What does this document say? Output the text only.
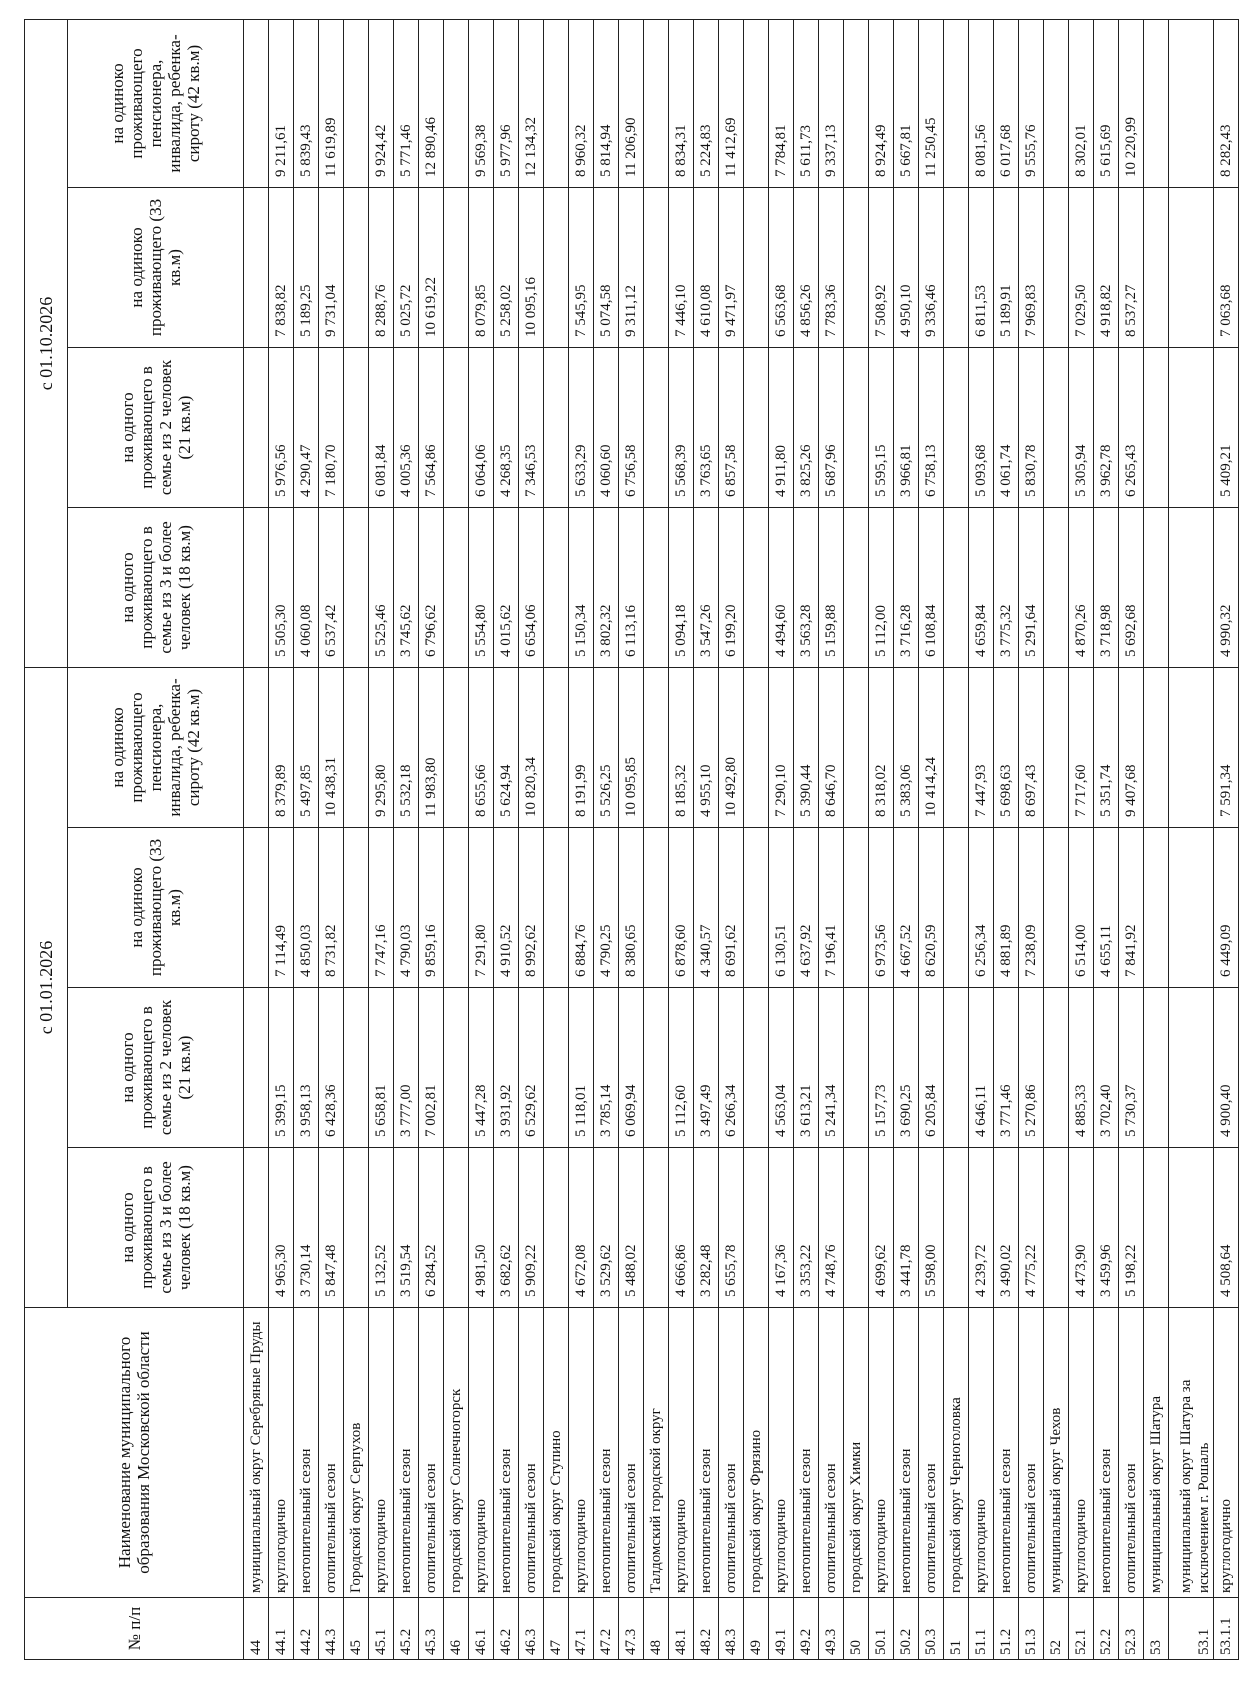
№ п/п	Наименование муниципального образования Московской области	с 01.01.2026				с 01.10.2026			
		на одного проживающего в семье из 3 и более человек (18 кв.м)	на одного проживающего в семье из 2 человек (21 кв.м)	на одиноко проживающего (33 кв.м)	на одиноко проживающего пенсионера, инвалида, ребенка-сироту (42 кв.м)	на одного проживающего в семье из 3 и более человек (18 кв.м)	на одного проживающего в семье из 2 человек (21 кв.м)	на одиноко проживающего (33 кв.м)	на одиноко проживающего пенсионера, инвалида, ребенка-сироту (42 кв.м)
44	муниципальный округ Серебряные Пруды								
44.1	круглогодично	4 965,30	5 399,15	7 114,49	8 379,89	5 505,30	5 976,56	7 838,82	9 211,61
44.2	неотопительный сезон	3 730,14	3 958,13	4 850,03	5 497,85	4 060,08	4 290,47	5 189,25	5 839,43
44.3	отопительный сезон	5 847,48	6 428,36	8 731,82	10 438,31	6 537,42	7 180,70	9 731,04	11 619,89
45	Городской округ Серпухов								
45.1	круглогодично	5 132,52	5 658,81	7 747,16	9 295,80	5 525,46	6 081,84	8 288,76	9 924,42
45.2	неотопительный сезон	3 519,54	3 777,00	4 790,03	5 532,18	3 745,62	4 005,36	5 025,72	5 771,46
45.3	отопительный сезон	6 284,52	7 002,81	9 859,16	11 983,80	6 796,62	7 564,86	10 619,22	12 890,46
46	городской округ Солнечногорск								
46.1	круглогодично	4 981,50	5 447,28	7 291,80	8 655,66	5 554,80	6 064,06	8 079,85	9 569,38
46.2	неотопительный сезон	3 682,62	3 931,92	4 910,52	5 624,94	4 015,62	4 268,35	5 258,02	5 977,96
46.3	отопительный сезон	5 909,22	6 529,62	8 992,62	10 820,34	6 654,06	7 346,53	10 095,16	12 134,32
47	городской округ Ступино								
47.1	круглогодично	4 672,08	5 118,01	6 884,76	8 191,99	5 150,34	5 633,29	7 545,95	8 960,32
47.2	неотопительный сезон	3 529,62	3 785,14	4 790,25	5 526,25	3 802,32	4 060,60	5 074,58	5 814,94
47.3	отопительный сезон	5 488,02	6 069,94	8 380,65	10 095,85	6 113,16	6 756,58	9 311,12	11 206,90
48	Талдомский городской округ								
48.1	круглогодично	4 666,86	5 112,60	6 878,60	8 185,32	5 094,18	5 568,39	7 446,10	8 834,31
48.2	неотопительный сезон	3 282,48	3 497,49	4 340,57	4 955,10	3 547,26	3 763,65	4 610,08	5 224,83
48.3	отопительный сезон	5 655,78	6 266,34	8 691,62	10 492,80	6 199,20	6 857,58	9 471,97	11 412,69
49	городской округ Фрязино								
49.1	круглогодично	4 167,36	4 563,04	6 130,51	7 290,10	4 494,60	4 911,80	6 563,68	7 784,81
49.2	неотопительный сезон	3 353,22	3 613,21	4 637,92	5 390,44	3 563,28	3 825,26	4 856,26	5 611,73
49.3	отопительный сезон	4 748,76	5 241,34	7 196,41	8 646,70	5 159,88	5 687,96	7 783,36	9 337,13
50	городской округ Химки								
50.1	круглогодично	4 699,62	5 157,73	6 973,56	8 318,02	5 112,00	5 595,15	7 508,92	8 924,49
50.2	неотопительный сезон	3 441,78	3 690,25	4 667,52	5 383,06	3 716,28	3 966,81	4 950,10	5 667,81
50.3	отопительный сезон	5 598,00	6 205,84	8 620,59	10 414,24	6 108,84	6 758,13	9 336,46	11 250,45
51	городской округ Черноголовка								
51.1	круглогодично	4 239,72	4 646,11	6 256,34	7 447,93	4 659,84	5 093,68	6 811,53	8 081,56
51.2	неотопительный сезон	3 490,02	3 771,46	4 881,89	5 698,63	3 775,32	4 061,74	5 189,91	6 017,68
51.3	отопительный сезон	4 775,22	5 270,86	7 238,09	8 697,43	5 291,64	5 830,78	7 969,83	9 555,76
52	муниципальный округ Чехов								
52.1	круглогодично	4 473,90	4 885,33	6 514,00	7 717,60	4 870,26	5 305,94	7 029,50	8 302,01
52.2	неотопительный сезон	3 459,96	3 702,40	4 655,11	5 351,74	3 718,98	3 962,78	4 918,82	5 615,69
52.3	отопительный сезон	5 198,22	5 730,37	7 841,92	9 407,68	5 692,68	6 265,43	8 537,27	10 220,99
53	муниципальный округ Шатура								
53.1	муниципальный округ Шатура за исключением г. Рошаль								
53.1.1	круглогодично	4 508,64	4 900,40	6 449,09	7 591,34	4 990,32	5 409,21	7 063,68	8 282,43
